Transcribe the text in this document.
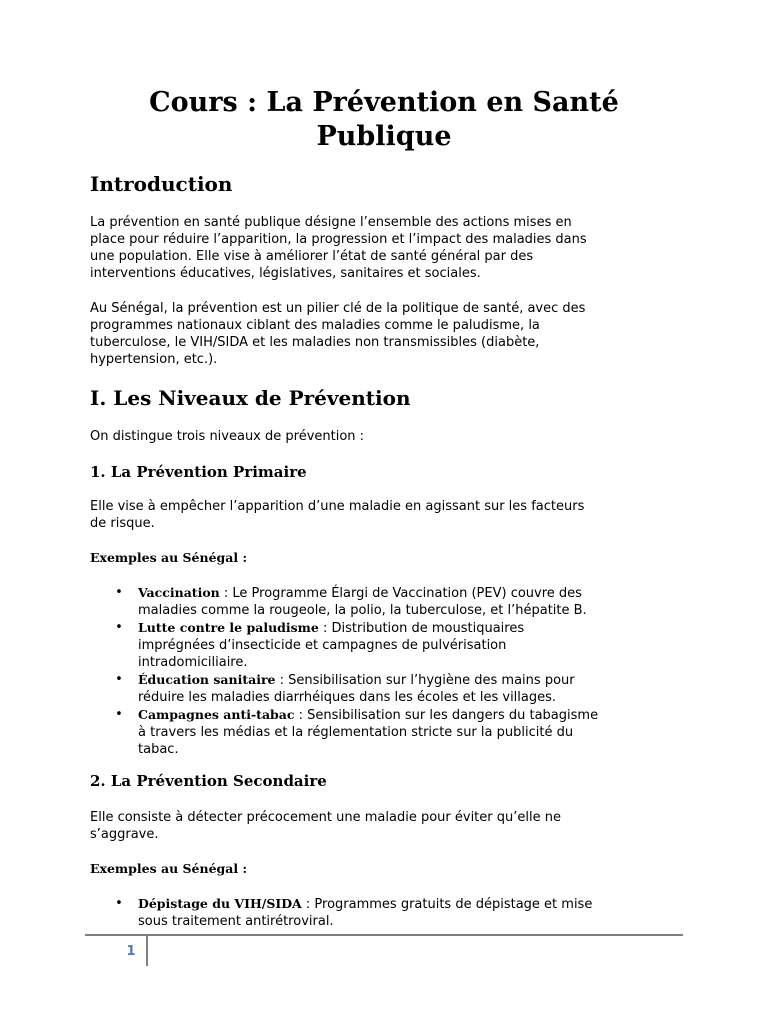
Cours : La Prévention en Santé
Publique
Introduction

La prévention en santé publique désigne l’ensemble des actions mises en
place pour réduire l’apparition, la progression et l’impact des maladies dans
une population. Elle vise à améliorer l’état de santé général par des
interventions éducatives, législatives, sanitaires et sociales.

Au Sénégal, la prévention est un pilier clé de la politique de santé, avec des
programmes nationaux ciblant des maladies comme le paludisme, la
tuberculose, le VIH/SIDA et les maladies non transmissibles (diabète,
hypertension, etc.).

I. Les Niveaux de Prévention

On distingue trois niveaux de prévention :

1. La Prévention Primaire

Elle vise à empêcher l’apparition d’une maladie en agissant sur les facteurs
de risque.

Exemples au Sénégal :

• Vaccination : Le Programme Élargi de Vaccination (PEV) couvre des
maladies comme la rougeole, la polio, la tuberculose, et l’hépatite B.
• Lutte contre le paludisme : Distribution de moustiquaires
imprégnées d’insecticide et campagnes de pulvérisation
intradomiciliaire.
• Éducation sanitaire : Sensibilisation sur l’hygiène des mains pour
réduire les maladies diarrhéiques dans les écoles et les villages.
• Campagnes anti-tabac : Sensibilisation sur les dangers du tabagisme
à travers les médias et la réglementation stricte sur la publicité du
tabac.
2. La Prévention Secondaire

Elle consiste à détecter précocement une maladie pour éviter qu’elle ne
s’aggrave.

Exemples au Sénégal :

• Dépistage du VIH/SIDA : Programmes gratuits de dépistage et mise
sous traitement antirétroviral.
1
